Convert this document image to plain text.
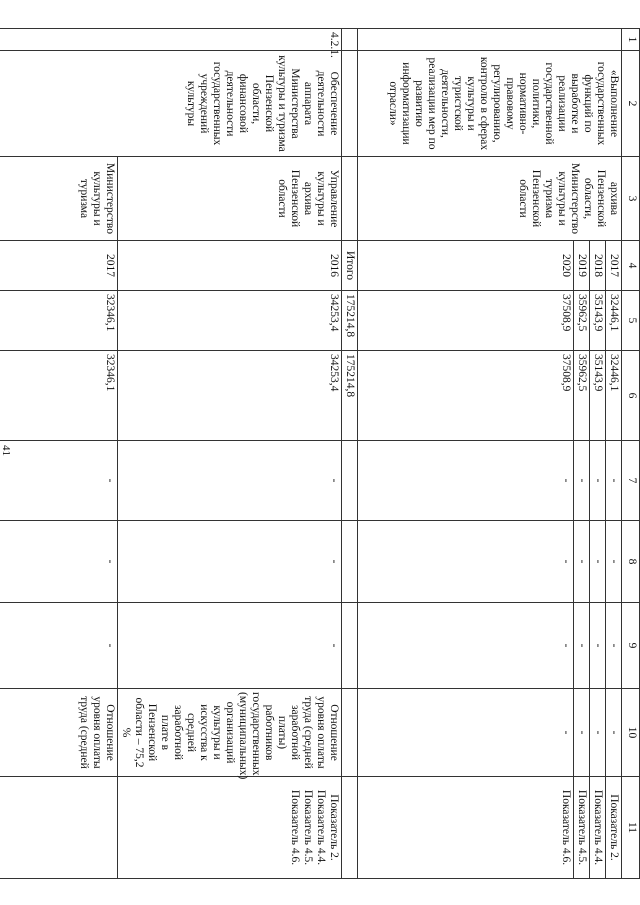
41
1	2	3	4	5	6	7	8	9	10	11
	«Выполнение государственных функций по выработке и реализации государственной политики, нормативно-правовому регулированию, контролю в сферах культуры и туристской деятельности, реализации мер по развитию информатизации отрасли»	архива Пензенской области, Министерство культуры и туризма Пензенской области	2017	32446,1	32446,1	-	-	-	-	Показатель 2.
			2018	35143,9	35143,9	-	-	-	-	Показатель 4.4.
			2019	35962,5	35962,5	-	-	-	-	Показатель 4.5.
			2020	37508,9	37508,9	-	-	-	-	Показатель 4.6.

			Итого	175214,8	175214,8					
4.2.1.	Обеспечение деятельности аппарата Министерства культуры и туризма Пензенской области, финансовой деятельности государственных учреждений культуры	Управление культуры и архива Пензенской области	2016	34253,4	34253,4	-	-	-	Отношение уровня оплаты труда (средней заработной платы) работников государственных (муниципальных) организаций культуры и искусства к средней заработной плате в Пензенской области – 75,2 %	Показатель 2. Показатель 4.4. Показатель 4.5. Показатель 4.6.
		Министерство культуры и туризма	2017	32346,1	32346,1	-	-	-	Отношение уровня оплаты труда (средней	
